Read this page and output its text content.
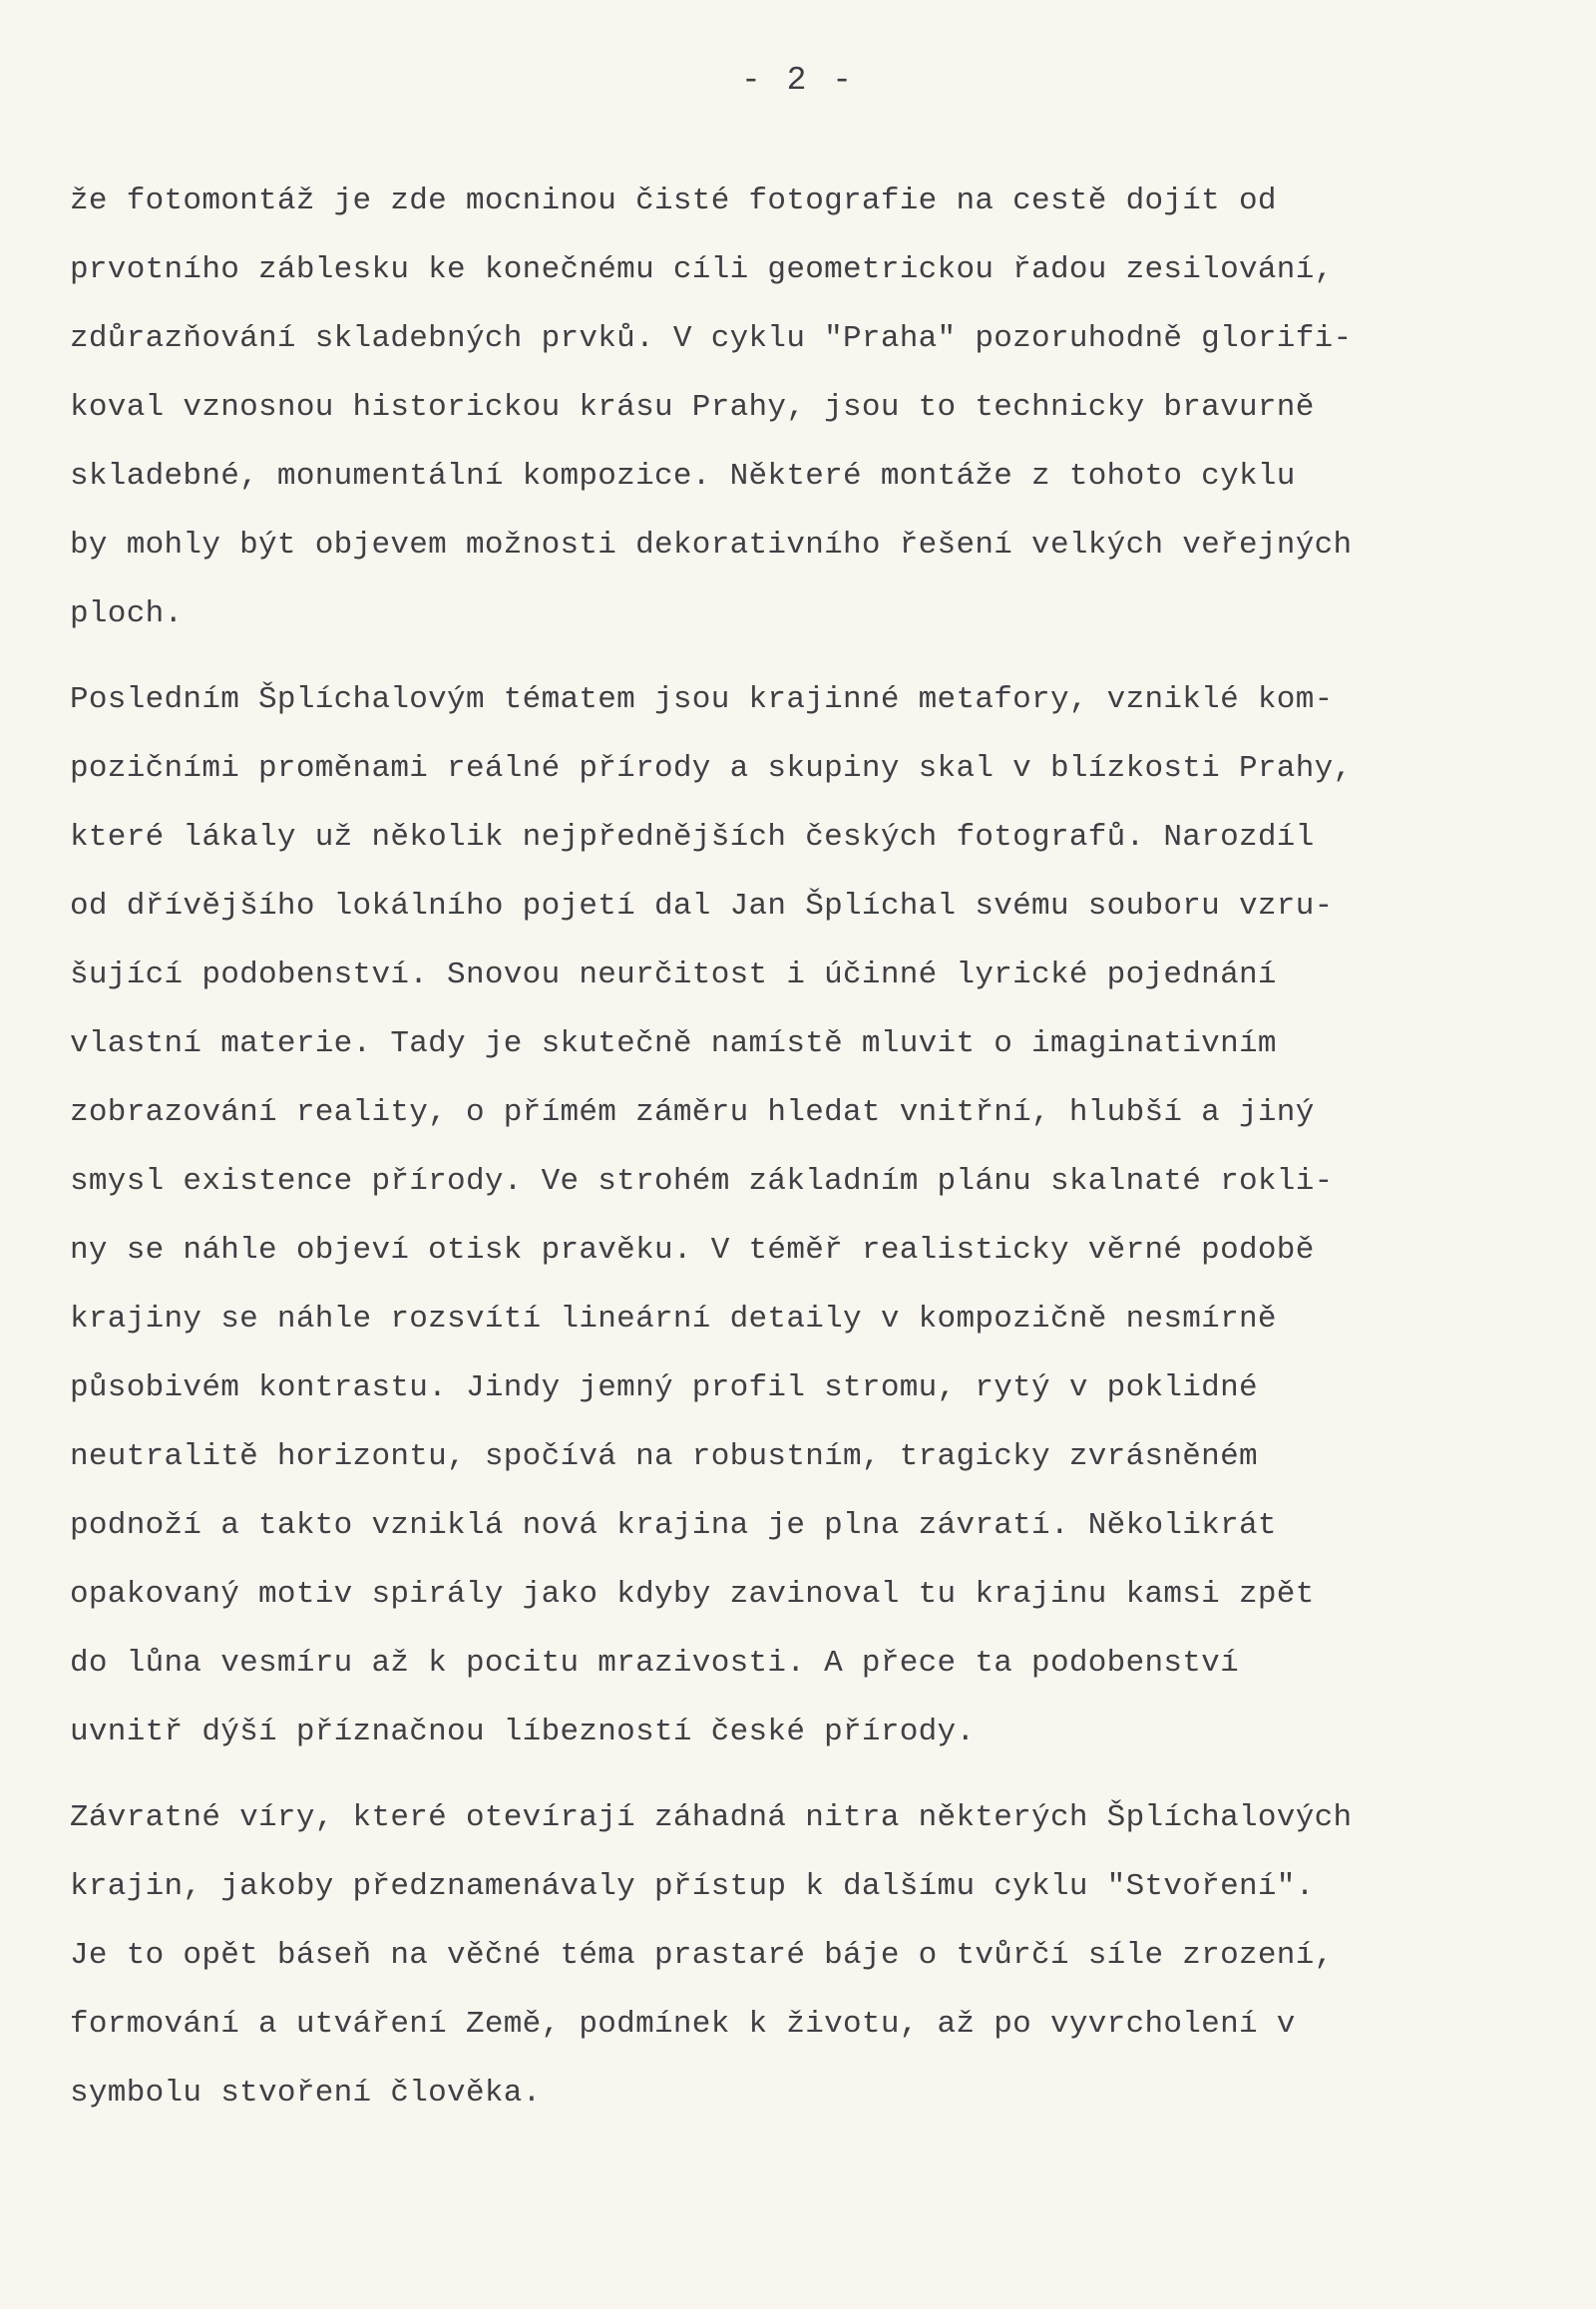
- 2 -

že fotomontáž je zde mocninou čisté fotografie na cestě dojít od
prvotního záblesku ke konečnému cíli geometrickou řadou zesilování,
zdůrazňování skladebných prvků. V cyklu "Praha" pozoruhodně glorifi-
koval vznosnou historickou krásu Prahy, jsou to technicky bravurně
skladebné, monumentální kompozice. Některé montáže z tohoto cyklu
by mohly být objevem možnosti dekorativního řešení velkých veřejných
ploch.

Posledním Šplíchalovým tématem jsou krajinné metafory, vzniklé kom-
pozičními proměnami reálné přírody a skupiny skal v blízkosti Prahy,
které lákaly už několik nejpřednějších českých fotografů. Narozdíl
od dřívějšího lokálního pojetí dal Jan Šplíchal svému souboru vzru-
šující podobenství. Snovou neurčitost i účinné lyrické pojednání
vlastní materie. Tady je skutečně namístě mluvit o imaginativním
zobrazování reality, o přímém záměru hledat vnitřní, hlubší a jiný
smysl existence přírody. Ve strohém základním plánu skalnaté rokli-
ny se náhle objeví otisk pravěku. V téměř realisticky věrné podobě
krajiny se náhle rozsvítí lineární detaily v kompozičně nesmírně
působivém kontrastu. Jindy jemný profil stromu, rytý v poklidné
neutralitě horizontu, spočívá na robustním, tragicky zvrásněném
podnoží a takto vzniklá nová krajina je plna závratí. Několikrát
opakovaný motiv spirály jako kdyby zavinoval tu krajinu kamsi zpět
do lůna vesmíru až k pocitu mrazivosti. A přece ta podobenství
uvnitř dýší příznačnou líbezností české přírody.

Závratné víry, které otevírají záhadná nitra některých Šplíchalových
krajin, jakoby předznamenávaly přístup k dalšímu cyklu "Stvoření".
Je to opět báseň na věčné téma prastaré báje o tvůrčí síle zrození,
formování a utváření Země, podmínek k životu, až po vyvrcholení v
symbolu stvoření člověka.
